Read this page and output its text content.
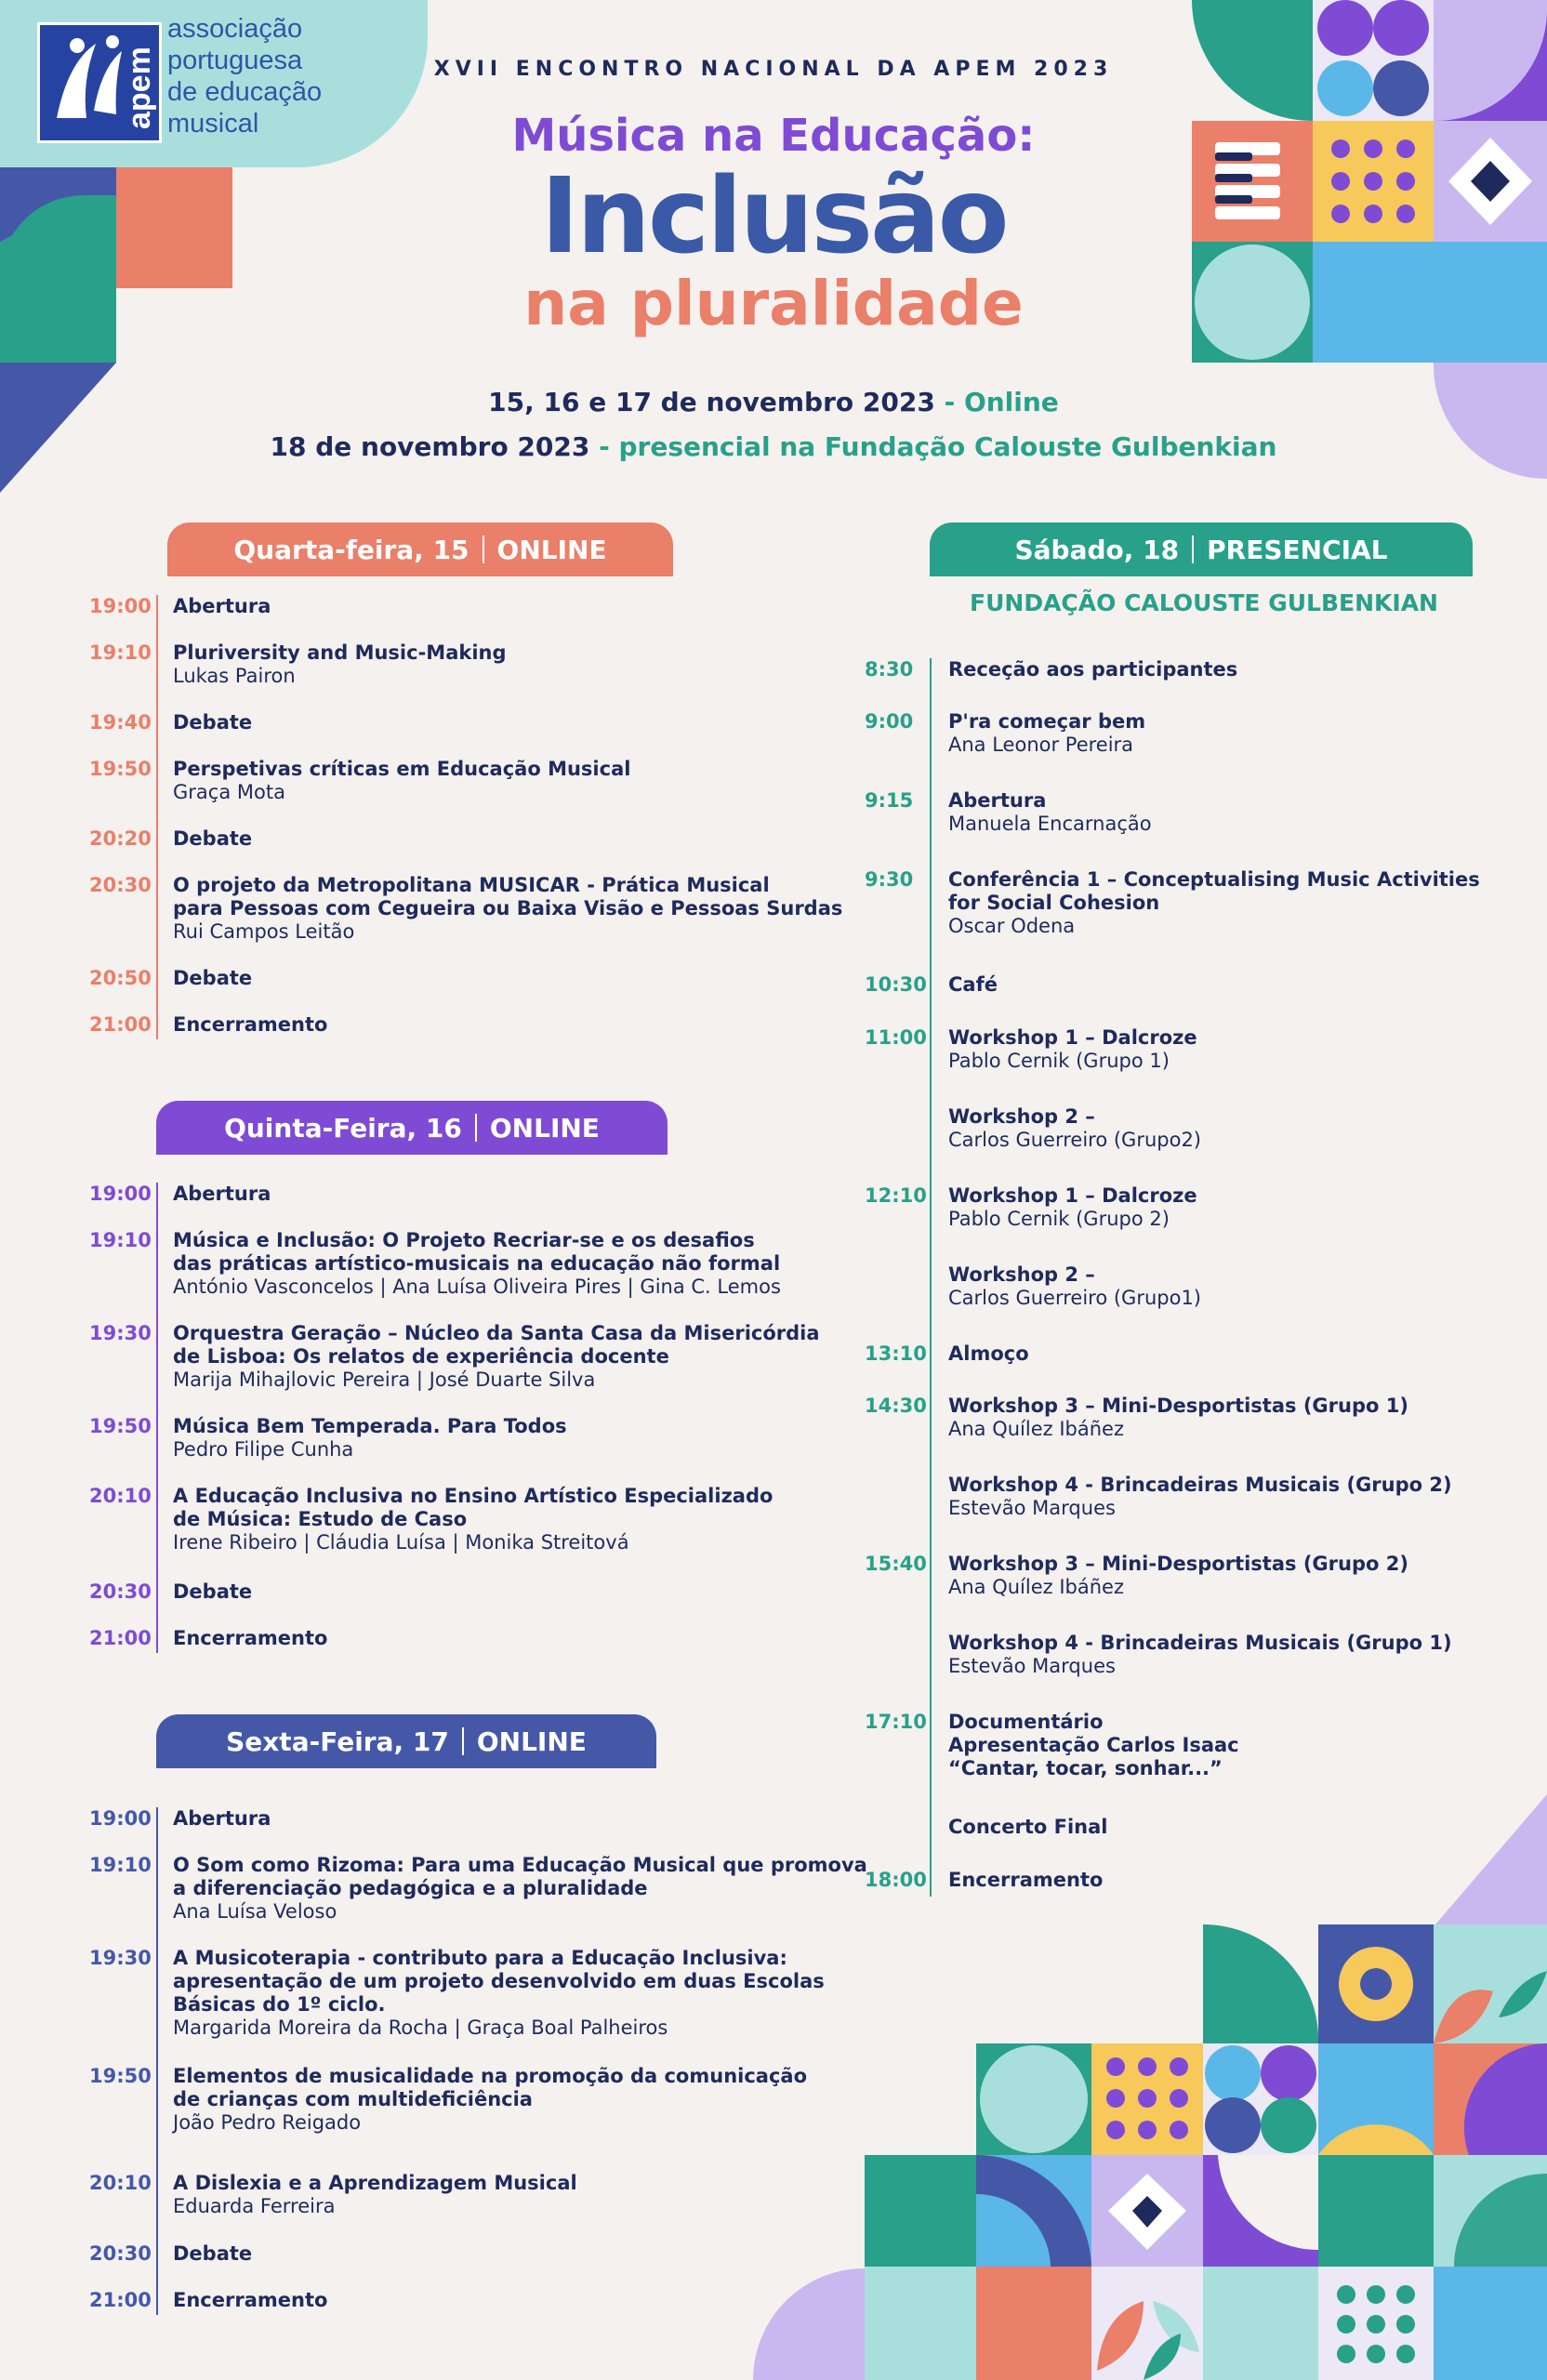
apem
associação
portuguesa
de educação
musical
XVII ENCONTRO NACIONAL DA APEM 2023
Música na Educação:
Inclusão
na pluralidade
15, 16 e 17 de novembro 2023 - Online
18 de novembro 2023 - presencial na Fundação Calouste Gulbenkian
Quarta-feira, 15 ONLINE
Quinta-Feira, 16 ONLINE
Sexta-Feira, 17 ONLINE
Sábado, 18 PRESENCIAL
FUNDAÇÃO CALOUSTE GULBENKIAN
19:00 Abertura
19:10 Pluriversity and Music-Making
Lukas Pairon
19:40 Debate
19:50 Perspetivas críticas em Educação Musical
Graça Mota
20:20 Debate
20:30 O projeto da Metropolitana MUSICAR - Prática Musical
para Pessoas com Cegueira ou Baixa Visão e Pessoas Surdas
Rui Campos Leitão
20:50 Debate
21:00 Encerramento
19:00 Abertura
19:10 Música e Inclusão: O Projeto Recriar-se e os desafios
das práticas artístico-musicais na educação não formal
António Vasconcelos | Ana Luísa Oliveira Pires | Gina C. Lemos
19:30 Orquestra Geração – Núcleo da Santa Casa da Misericórdia
de Lisboa: Os relatos de experiência docente
Marija Mihajlovic Pereira | José Duarte Silva
19:50 Música Bem Temperada. Para Todos
Pedro Filipe Cunha
20:10 A Educação Inclusiva no Ensino Artístico Especializado
de Música: Estudo de Caso
Irene Ribeiro | Cláudia Luísa | Monika Streitová
20:30 Debate
21:00 Encerramento
19:00 Abertura
19:10 O Som como Rizoma: Para uma Educação Musical que promova
a diferenciação pedagógica e a pluralidade
Ana Luísa Veloso
19:30 A Musicoterapia - contributo para a Educação Inclusiva:
apresentação de um projeto desenvolvido em duas Escolas
Básicas do 1º ciclo.
Margarida Moreira da Rocha | Graça Boal Palheiros
19:50 Elementos de musicalidade na promoção da comunicação
de crianças com multideficiência
João Pedro Reigado
20:10 A Dislexia e a Aprendizagem Musical
Eduarda Ferreira
20:30 Debate
21:00 Encerramento
8:30 Receção aos participantes
9:00 P'ra começar bem
Ana Leonor Pereira
9:15 Abertura
Manuela Encarnação
9:30 Conferência 1 – Conceptualising Music Activities
for Social Cohesion
Oscar Odena
10:30 Café
11:00 Workshop 1 – Dalcroze
Pablo Cernik (Grupo 1)
Workshop 2 –
Carlos Guerreiro (Grupo2)
12:10 Workshop 1 – Dalcroze
Pablo Cernik (Grupo 2)
Workshop 2 –
Carlos Guerreiro (Grupo1)
13:10 Almoço
14:30 Workshop 3 – Mini-Desportistas (Grupo 1)
Ana Quílez Ibáñez
Workshop 4 - Brincadeiras Musicais (Grupo 2)
Estevão Marques
15:40 Workshop 3 – Mini-Desportistas (Grupo 2)
Ana Quílez Ibáñez
Workshop 4 - Brincadeiras Musicais (Grupo 1)
Estevão Marques
17:10 Documentário
Apresentação Carlos Isaac
“Cantar, tocar, sonhar...”
Concerto Final
18:00 Encerramento
